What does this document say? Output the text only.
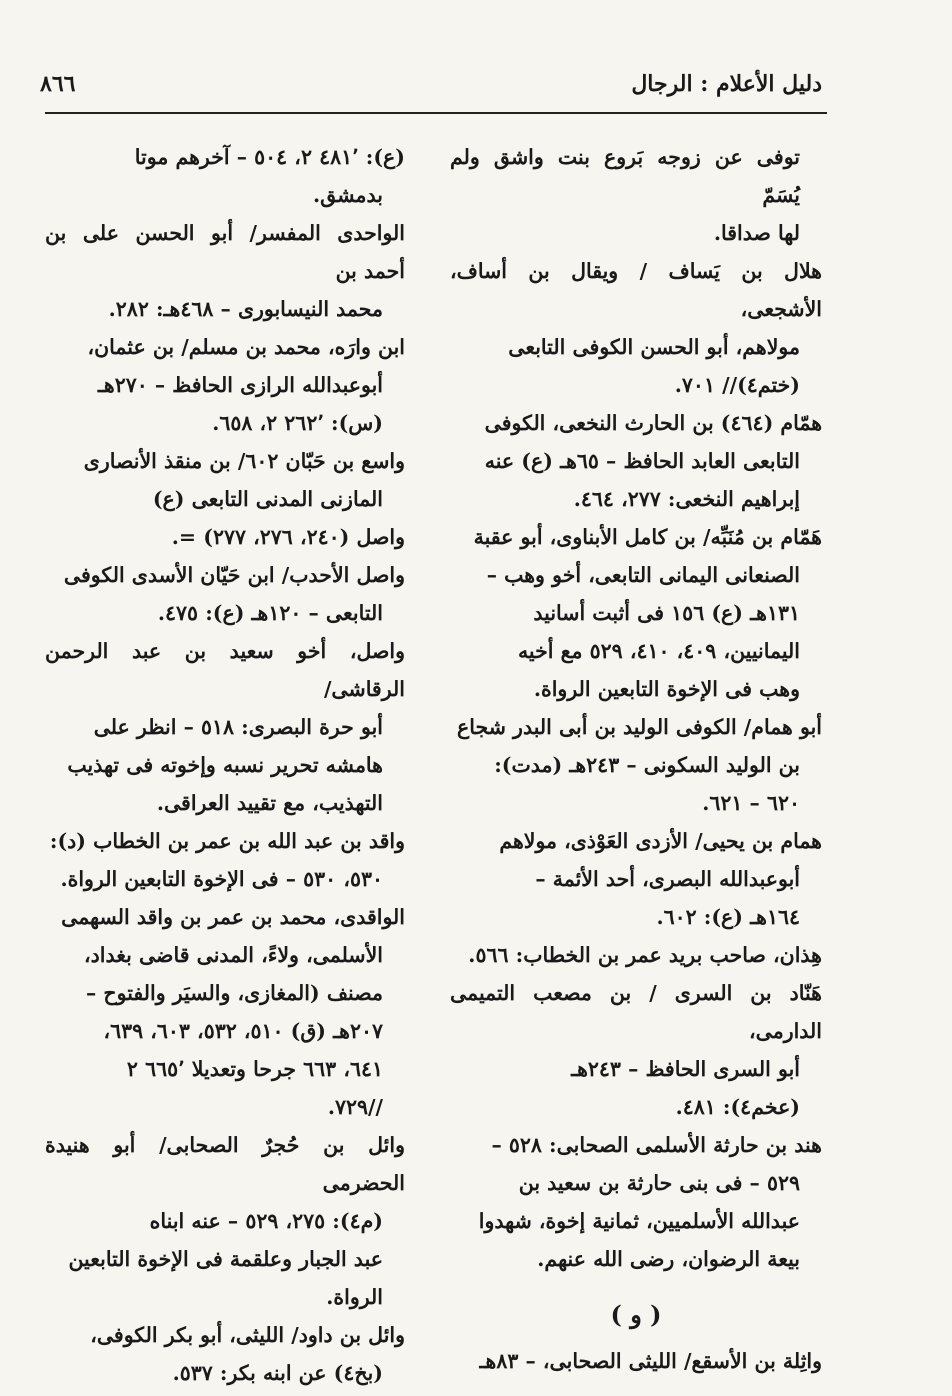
٨٦٦	دليل الأعلام : الرجال
توفى عن زوجه بَروع بنت واشق ولم يُسَمّ
لها صداقا.
هلال بن يَساف / ويقال بن أساف، الأشجعى،
مولاهم، أبو الحسن الكوفى التابعى
(ختم٤)// ٧٠١.
همّام (٤٦٤) بن الحارث النخعى، الكوفى
التابعى العابد الحافظ – ٦٥هـ (ع) عنه
إبراهيم النخعى: ٢٧٧، ٤٦٤.
هَمّام بن مُنَبِّه/ بن كامل الأبناوى، أبو عقبة
الصنعانى اليمانى التابعى، أخو وهب –
١٣١هـ (ع) ١٥٦ فى أثبت أسانيد
اليمانيين، ٤٠٩، ٤١٠، ٥٢٩ مع أخيه
وهب فى الإخوة التابعين الرواة.
أبو همام/ الكوفى الوليد بن أبى البدر شجاع
بن الوليد السكونى – ٢٤٣هـ (مدت):
٦٢٠ – ٦٢١.
همام بن يحيى/ الأزدى العَوْذى، مولاهم
أبوعبدالله البصرى، أحد الأئمة –
١٦٤هـ (ع): ٦٠٢.
هِذان، صاحب بريد عمر بن الخطاب: ٥٦٦.
هَنّاد بن السرى / بن مصعب التميمى الدارمى،
أبو السرى الحافظ – ٢٤٣هـ
(عخم٤): ٤٨١.
هند بن حارثة الأسلمى الصحابى: ٥٢٨ –
٥٢٩ – فى بنى حارثة بن سعيد بن
عبدالله الأسلميين، ثمانية إخوة، شهدوا
بيعة الرضوان، رضى الله عنهم.
( و )
واثِلة بن الأسقع/ الليثى الصحابى، – ٨٣هـ
(ع): ٤٨١٬ ٢، ٥٠٤ – آخرهم موتا
بدمشق.
الواحدى المفسر/ أبو الحسن على بن أحمد بن
محمد النيسابورى – ٤٦٨هـ: ٢٨٢.
ابن وارَه، محمد بن مسلم/ بن عثمان،
أبوعبدالله الرازى الحافظ – ٢٧٠هـ
(س): ٢٦٢٬ ٢، ٦٥٨.
واسع بن حَبّان ٦٠٢/ بن منقذ الأنصارى
المازنى المدنى التابعى (ع)
واصل (٢٤٠، ٢٧٦، ٢٧٧) =.
واصل الأحدب/ ابن حَيّان الأسدى الكوفى
التابعى – ١٢٠هـ (ع): ٤٧٥.
واصل، أخو سعيد بن عبد الرحمن الرقاشى/
أبو حرة البصرى: ٥١٨ – انظر على
هامشه تحرير نسبه وإخوته فى تهذيب
التهذيب، مع تقييد العراقى.
واقد بن عبد الله بن عمر بن الخطاب (د):
٥٣٠، ٥٣٠ – فى الإخوة التابعين الرواة.
الواقدى، محمد بن عمر بن واقد السهمى
الأسلمى، ولاءً، المدنى قاضى بغداد،
مصنف (المغازى، والسيَر والفتوح –
٢٠٧هـ (ق) ٥١٠، ٥٣٢، ٦٠٣، ٦٣٩،
٦٤١، ٦٦٣ جرحا وتعديلا ٦٦٥٬ ٢
//٧٢٩.
وائل بن حُجرٌ الصحابى/ أبو هنيدة الحضرمى
(م٤): ٢٧٥، ٥٢٩ – عنه ابناه
عبد الجبار وعلقمة فى الإخوة التابعين
الرواة.
وائل بن داود/ الليثى، أبو بكر الكوفى،
(بخ٤) عن ابنه بكر: ٥٣٧.
